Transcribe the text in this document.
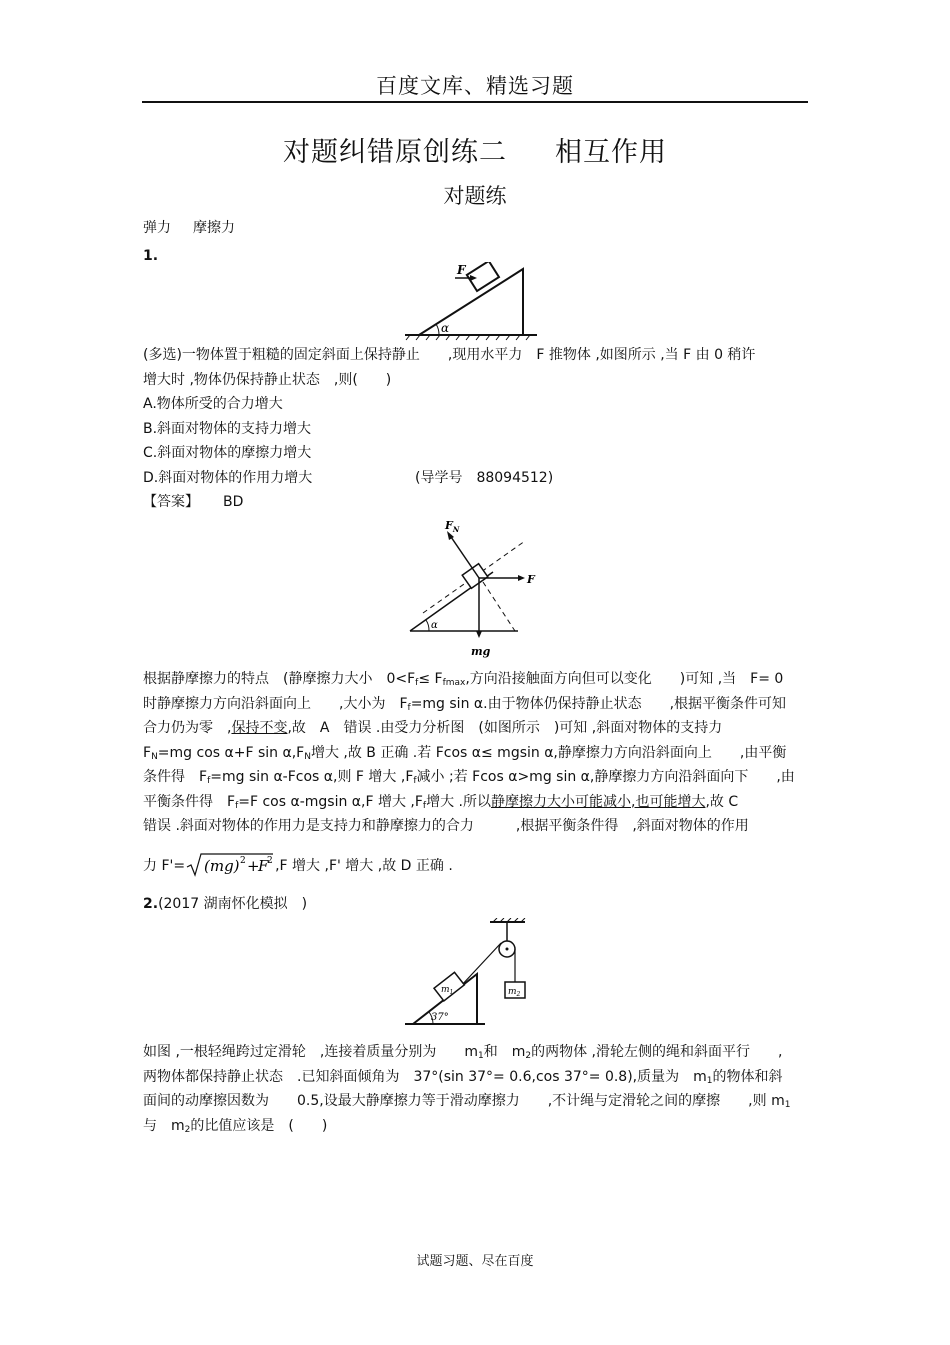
百度文库、精选习题
对题纠错原创练二 相互作用
对题练
弹力 摩擦力
1.
α
F

(多选)一物体置于粗糙的固定斜面上保持静止　　,现用水平力　F 推物体 ,如图所示 ,当 F 由 0 稍许

增大时 ,物体仍保持静止状态　,则(　　)

A.物体所受的合力增大

B.斜面对物体的支持力增大

C.斜面对物体的摩擦力增大

D.斜面对物体的作用力增大	(导学号　88094512)

【答案】 BD

$F_N$
F
mg
α

根据静摩擦力的特点　(静摩擦力大小　$0<F_f\le F_{fmax}$,方向沿接触面方向但可以变化　　)可知 ,当　F= 0

时静摩擦力方向沿斜面向上　　,大小为　$F_f=mg$ sin α.由于物体仍保持静止状态　　,根据平衡条件可知

合力仍为零　,保持不变,故　A　错误 .由受力分析图　(如图所示　)可知 ,斜面对物体的支持力

$F_N=mg$ cos α+F $\sin \alpha,F_N$增大 ,故 B 正确 .若 Fcos α≤ mgsin α,静摩擦力方向沿斜面向上　　,由平衡

条件得　$F_f=mg$ sin α-Fcos α,则 F 增大 $,F_f$减小 ;若 Fcos α>mg sin α,静摩擦力方向沿斜面向下　　,由

平衡条件得　$F_f=F$ cos α-mgsin α,F 增大 $,F_f$增大 .所以静摩擦力大小可能减小,也可能增大,故 C

错误 .斜面对物体的作用力是支持力和静摩擦力的合力　　　,根据平衡条件得　,斜面对物体的作用

力 F'= (mg) 2 +
F
2 ,F 增大 ,F' 增大 ,故 D 正确 .
2.(2017 湖南怀化模拟　)
$m_2$
$m_1$
37°

如图 ,一根轻绳跨过定滑轮　,连接着质量分别为　　$m_1$和　$m_2$的两物体 ,滑轮左侧的绳和斜面平行　　,

两物体都保持静止状态　.已知斜面倾角为　37°(sin 37°= 0.6,cos 37°= 0.8),质量为　$m_1$的物体和斜

面间的动摩擦因数为　　0.5,设最大静摩擦力等于滑动摩擦力　　,不计绳与定滑轮之间的摩擦　　,则 $m_1$

与　$m_2$的比值应该是　(　　)

试题习题、尽在百度
